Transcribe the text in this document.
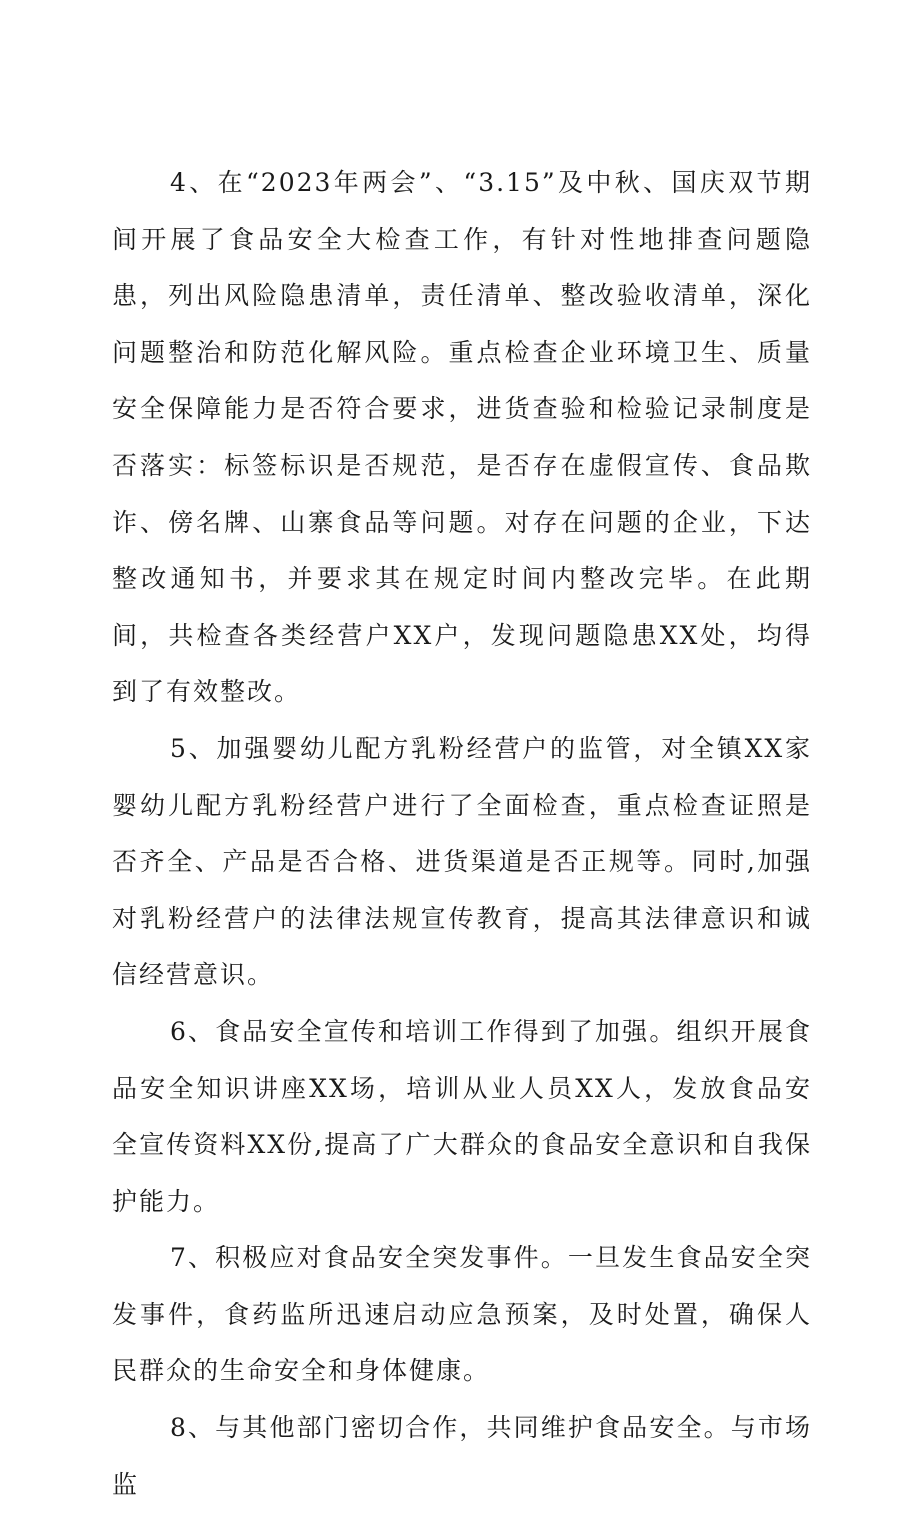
4、在“2023年两会”、“3.15”及中秋、国庆双节期间开展了食品安全大检查工作，有针对性地排查问题隐患，列出风险隐患清单，责任清单、整改验收清单，深化问题整治和防范化解风险。重点检查企业环境卫生、质量安全保障能力是否符合要求，进货查验和检验记录制度是否落实：标签标识是否规范，是否存在虚假宣传、食品欺诈、傍名牌、山寨食品等问题。对存在问题的企业，下达整改通知书，并要求其在规定时间内整改完毕。在此期间，共检查各类经营户XX户，发现问题隐患XX处，均得到了有效整改。

5、加强婴幼儿配方乳粉经营户的监管，对全镇XX家婴幼儿配方乳粉经营户进行了全面检查，重点检查证照是否齐全、产品是否合格、进货渠道是否正规等。同时,加强对乳粉经营户的法律法规宣传教育，提高其法律意识和诚信经营意识。

6、食品安全宣传和培训工作得到了加强。组织开展食品安全知识讲座XX场，培训从业人员XX人，发放食品安全宣传资料XX份,提高了广大群众的食品安全意识和自我保护能力。

7、积极应对食品安全突发事件。一旦发生食品安全突发事件，食药监所迅速启动应急预案，及时处置，确保人民群众的生命安全和身体健康。

8、与其他部门密切合作，共同维护食品安全。与市场监
